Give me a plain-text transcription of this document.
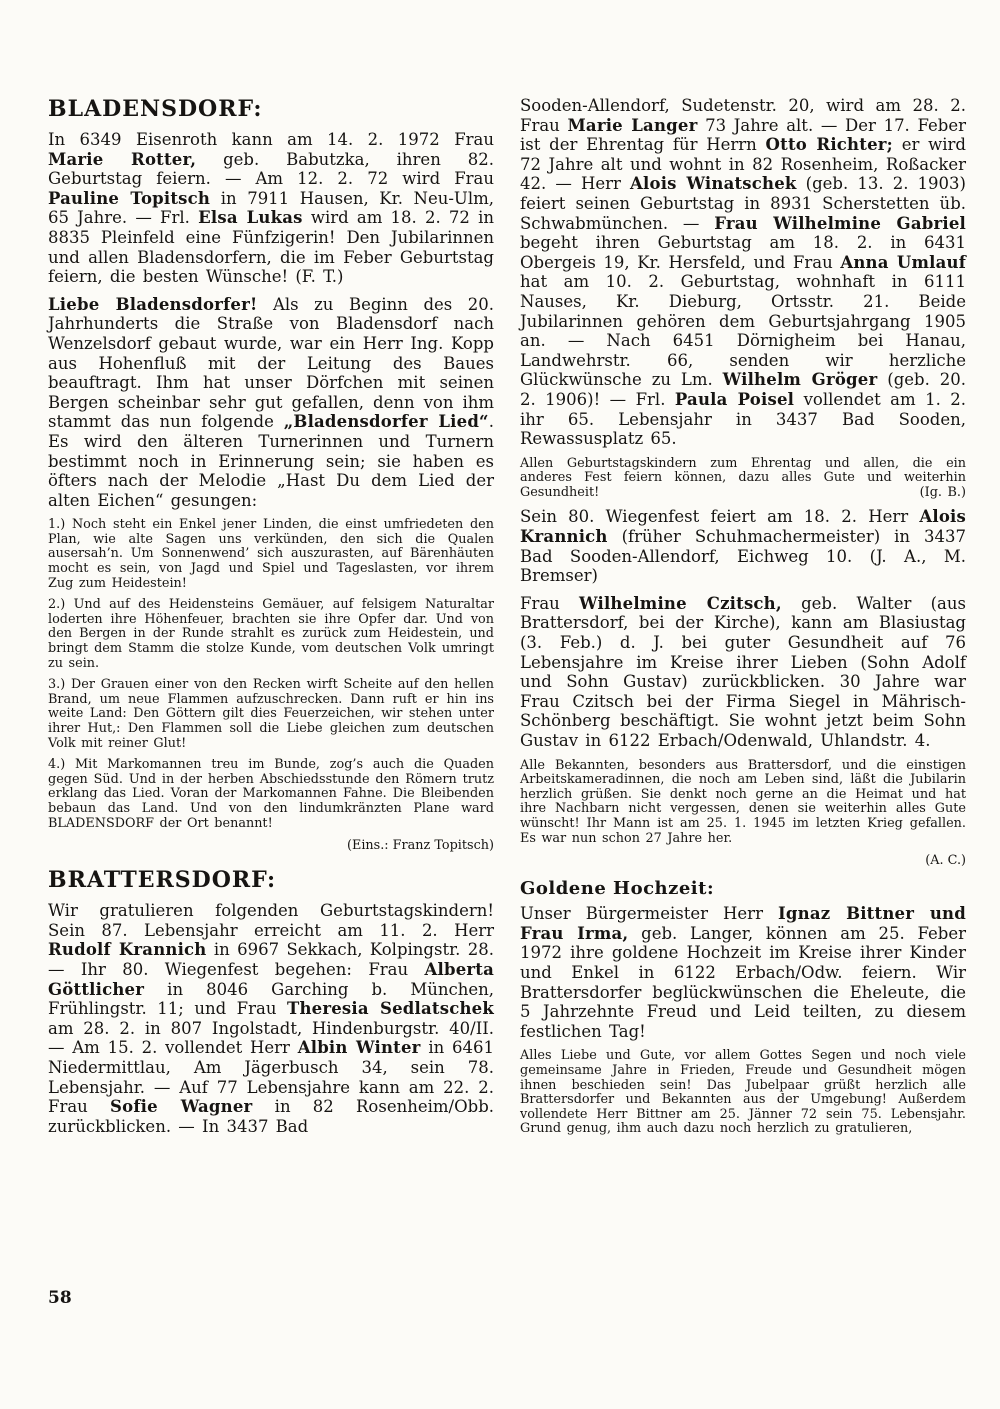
BLADENSDORF:

In 6349 Eisenroth kann am 14. 2. 1972 Frau Marie Rotter, geb. Babutzka, ihren 82. Geburtstag feiern. — Am 12. 2. 72 wird Frau Pauline Topitsch in 7911 Hausen, Kr. Neu-Ulm, 65 Jahre. — Frl. Elsa Lukas wird am 18. 2. 72 in 8835 Pleinfeld eine Fünfzigerin! Den Jubilarinnen und allen Bladensdorfern, die im Feber Geburtstag feiern, die besten Wünsche! (F. T.)

Liebe Bladensdorfer! Als zu Beginn des 20. Jahrhunderts die Straße von Bladensdorf nach Wenzelsdorf gebaut wurde, war ein Herr Ing. Kopp aus Hohenfluß mit der Leitung des Baues beauftragt. Ihm hat unser Dörfchen mit seinen Bergen scheinbar sehr gut gefallen, denn von ihm stammt das nun folgende „Bladensdorfer Lied“. Es wird den älteren Turnerinnen und Turnern bestimmt noch in Erinnerung sein; sie haben es öfters nach der Melodie „Hast Du dem Lied der alten Eichen“ gesungen:

1.) Noch steht ein Enkel jener Linden, die einst umfriedeten den Plan, wie alte Sagen uns verkünden, den sich die Qualen ausersah’n. Um Sonnenwend’ sich auszurasten, auf Bärenhäuten mocht es sein, von Jagd und Spiel und Tageslasten, vor ihrem Zug zum Heidestein!

2.) Und auf des Heidensteins Gemäuer, auf felsigem Naturaltar loderten ihre Höhenfeuer, brachten sie ihre Opfer dar. Und von den Bergen in der Runde strahlt es zurück zum Heidestein, und bringt dem Stamm die stolze Kunde, vom deutschen Volk umringt zu sein.

3.) Der Grauen einer von den Recken wirft Scheite auf den hellen Brand, um neue Flammen aufzuschrecken. Dann ruft er hin ins weite Land: Den Göttern gilt dies Feuerzeichen, wir stehen unter ihrer Hut,: Den Flammen soll die Liebe gleichen zum deutschen Volk mit reiner Glut!

4.) Mit Markomannen treu im Bunde, zog’s auch die Quaden gegen Süd. Und in der herben Abschiedsstunde den Römern trutz erklang das Lied. Voran der Markomannen Fahne. Die Bleibenden bebaun das Land. Und von den lindumkränzten Plane ward BLADENSDORF der Ort benannt!

(Eins.: Franz Topitsch)
BRATTERSDORF:

Wir gratulieren folgenden Geburtstagskindern! Sein 87. Lebensjahr erreicht am 11. 2. Herr Rudolf Krannich in 6967 Sekkach, Kolpingstr. 28. — Ihr 80. Wiegenfest begehen: Frau Alberta Göttlicher in 8046 Garching b. München, Frühlingstr. 11; und Frau Theresia Sedlatschek am 28. 2. in 807 Ingolstadt, Hindenburgstr. 40/II. — Am 15. 2. vollendet Herr Albin Winter in 6461 Niedermittlau, Am Jägerbusch 34, sein 78. Lebensjahr. — Auf 77 Lebensjahre kann am 22. 2. Frau Sofie Wagner in 82 Rosenheim/Obb. zurückblicken. — In 3437 Bad

Sooden-Allendorf, Sudetenstr. 20, wird am 28. 2. Frau Marie Langer 73 Jahre alt. — Der 17. Feber ist der Ehrentag für Herrn Otto Richter; er wird 72 Jahre alt und wohnt in 82 Rosenheim, Roßacker 42. — Herr Alois Winatschek (geb. 13. 2. 1903) feiert seinen Geburtstag in 8931 Scherstetten üb. Schwabmünchen. — Frau Wilhelmine Gabriel begeht ihren Geburtstag am 18. 2. in 6431 Obergeis 19, Kr. Hersfeld, und Frau Anna Umlauf hat am 10. 2. Geburtstag, wohnhaft in 6111 Nauses, Kr. Dieburg, Ortsstr. 21. Beide Jubilarinnen gehören dem Geburtsjahrgang 1905 an. — Nach 6451 Dörnigheim bei Hanau, Landwehrstr. 66, senden wir herzliche Glückwünsche zu Lm. Wilhelm Gröger (geb. 20. 2. 1906)! — Frl. Paula Poisel vollendet am 1. 2. ihr 65. Lebensjahr in 3437 Bad Sooden, Rewassusplatz 65.

Allen Geburtstagskindern zum Ehrentag und allen, die ein anderes Fest feiern können, dazu alles Gute und weiterhin Gesundheit!	(Ig. B.)

Sein 80. Wiegenfest feiert am 18. 2. Herr Alois Krannich (früher Schuhmachermeister) in 3437 Bad Sooden-Allendorf, Eichweg 10. (J. A., M. Bremser)

Frau Wilhelmine Czitsch, geb. Walter (aus Brattersdorf, bei der Kirche), kann am Blasiustag (3. Feb.) d. J. bei guter Gesundheit auf 76 Lebensjahre im Kreise ihrer Lieben (Sohn Adolf und Sohn Gustav) zurückblicken. 30 Jahre war Frau Czitsch bei der Firma Siegel in Mährisch-Schönberg beschäftigt. Sie wohnt jetzt beim Sohn Gustav in 6122 Erbach/Odenwald, Uhlandstr. 4.

Alle Bekannten, besonders aus Brattersdorf, und die einstigen Arbeitskameradinnen, die noch am Leben sind, läßt die Jubilarin herzlich grüßen. Sie denkt noch gerne an die Heimat und hat ihre Nachbarn nicht vergessen, denen sie weiterhin alles Gute wünscht! Ihr Mann ist am 25. 1. 1945 im letzten Krieg gefallen. Es war nun schon 27 Jahre her.

(A. C.)
Goldene Hochzeit:

Unser Bürgermeister Herr Ignaz Bittner und Frau Irma, geb. Langer, können am 25. Feber 1972 ihre goldene Hochzeit im Kreise ihrer Kinder und Enkel in 6122 Erbach/Odw. feiern. Wir Brattersdorfer beglückwünschen die Eheleute, die 5 Jahrzehnte Freud und Leid teilten, zu diesem festlichen Tag!

Alles Liebe und Gute, vor allem Gottes Segen und noch viele gemeinsame Jahre in Frieden, Freude und Gesundheit mögen ihnen beschieden sein! Das Jubelpaar grüßt herzlich alle Brattersdorfer und Bekannten aus der Umgebung! Außerdem vollendete Herr Bittner am 25. Jänner 72 sein 75. Lebensjahr. Grund genug, ihm auch dazu noch herzlich zu gratulieren,

58
